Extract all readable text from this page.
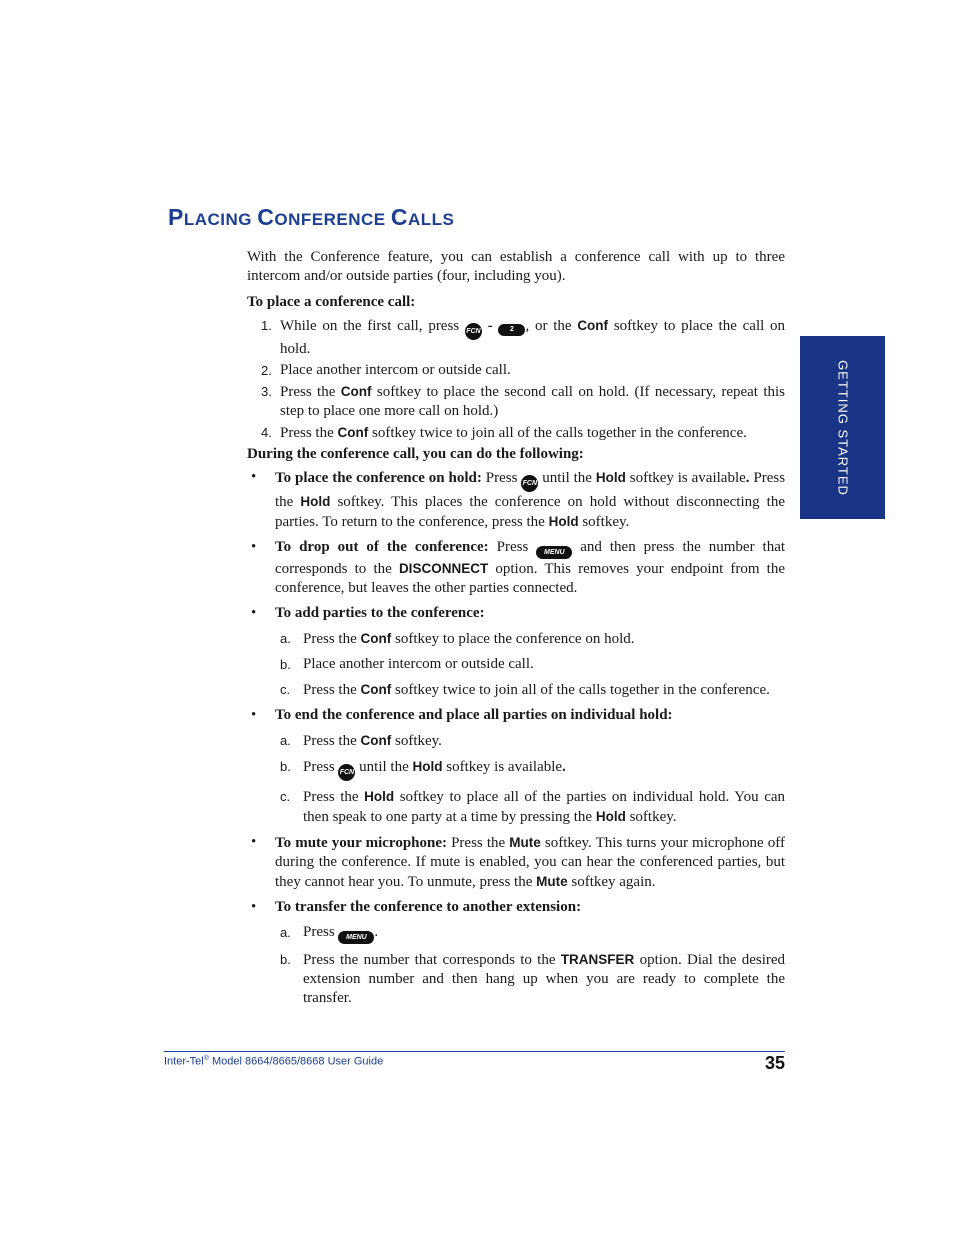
PLACING CONFERENCE CALLS
GETTING STARTED

With the Conference feature, you can establish a conference call with up to three intercom and/or outside parties (four, including you).

To place a conference call:

1. While on the first call, press FCN - 2 , or the Conf softkey to place the call on hold.
2. Place another intercom or outside call.
3. Press the Conf softkey to place the second call on hold. (If necessary, repeat this step to place one more call on hold.)
4. Press the Conf softkey twice to join all of the calls together in the conference.

During the conference call, you can do the following:

• To place the conference on hold: Press FCN until the Hold softkey is available. Press the Hold softkey. This places the conference on hold without disconnecting the parties. To return to the conference, press the Hold softkey.
• To drop out of the conference: Press MENU and then press the number that corresponds to the DISCONNECT option. This removes your endpoint from the conference, but leaves the other parties connected.
• To add parties to the conference:
a. Press the Conf softkey to place the conference on hold.
b. Place another intercom or outside call.
c. Press the Conf softkey twice to join all of the calls together in the conference.
• To end the conference and place all parties on individual hold:
a. Press the Conf softkey.
b. Press FCN until the Hold softkey is available.
c. Press the Hold softkey to place all of the parties on individual hold. You can then speak to one party at a time by pressing the Hold softkey.
• To mute your microphone: Press the Mute softkey. This turns your microphone off during the conference. If mute is enabled, you can hear the conferenced parties, but they cannot hear you. To unmute, press the Mute softkey again.
• To transfer the conference to another extension:
a. Press MENU .
b. Press the number that corresponds to the TRANSFER option. Dial the desired extension number and then hang up when you are ready to complete the transfer.
Inter-Tel® Model 8664/8665/8668 User Guide	35
